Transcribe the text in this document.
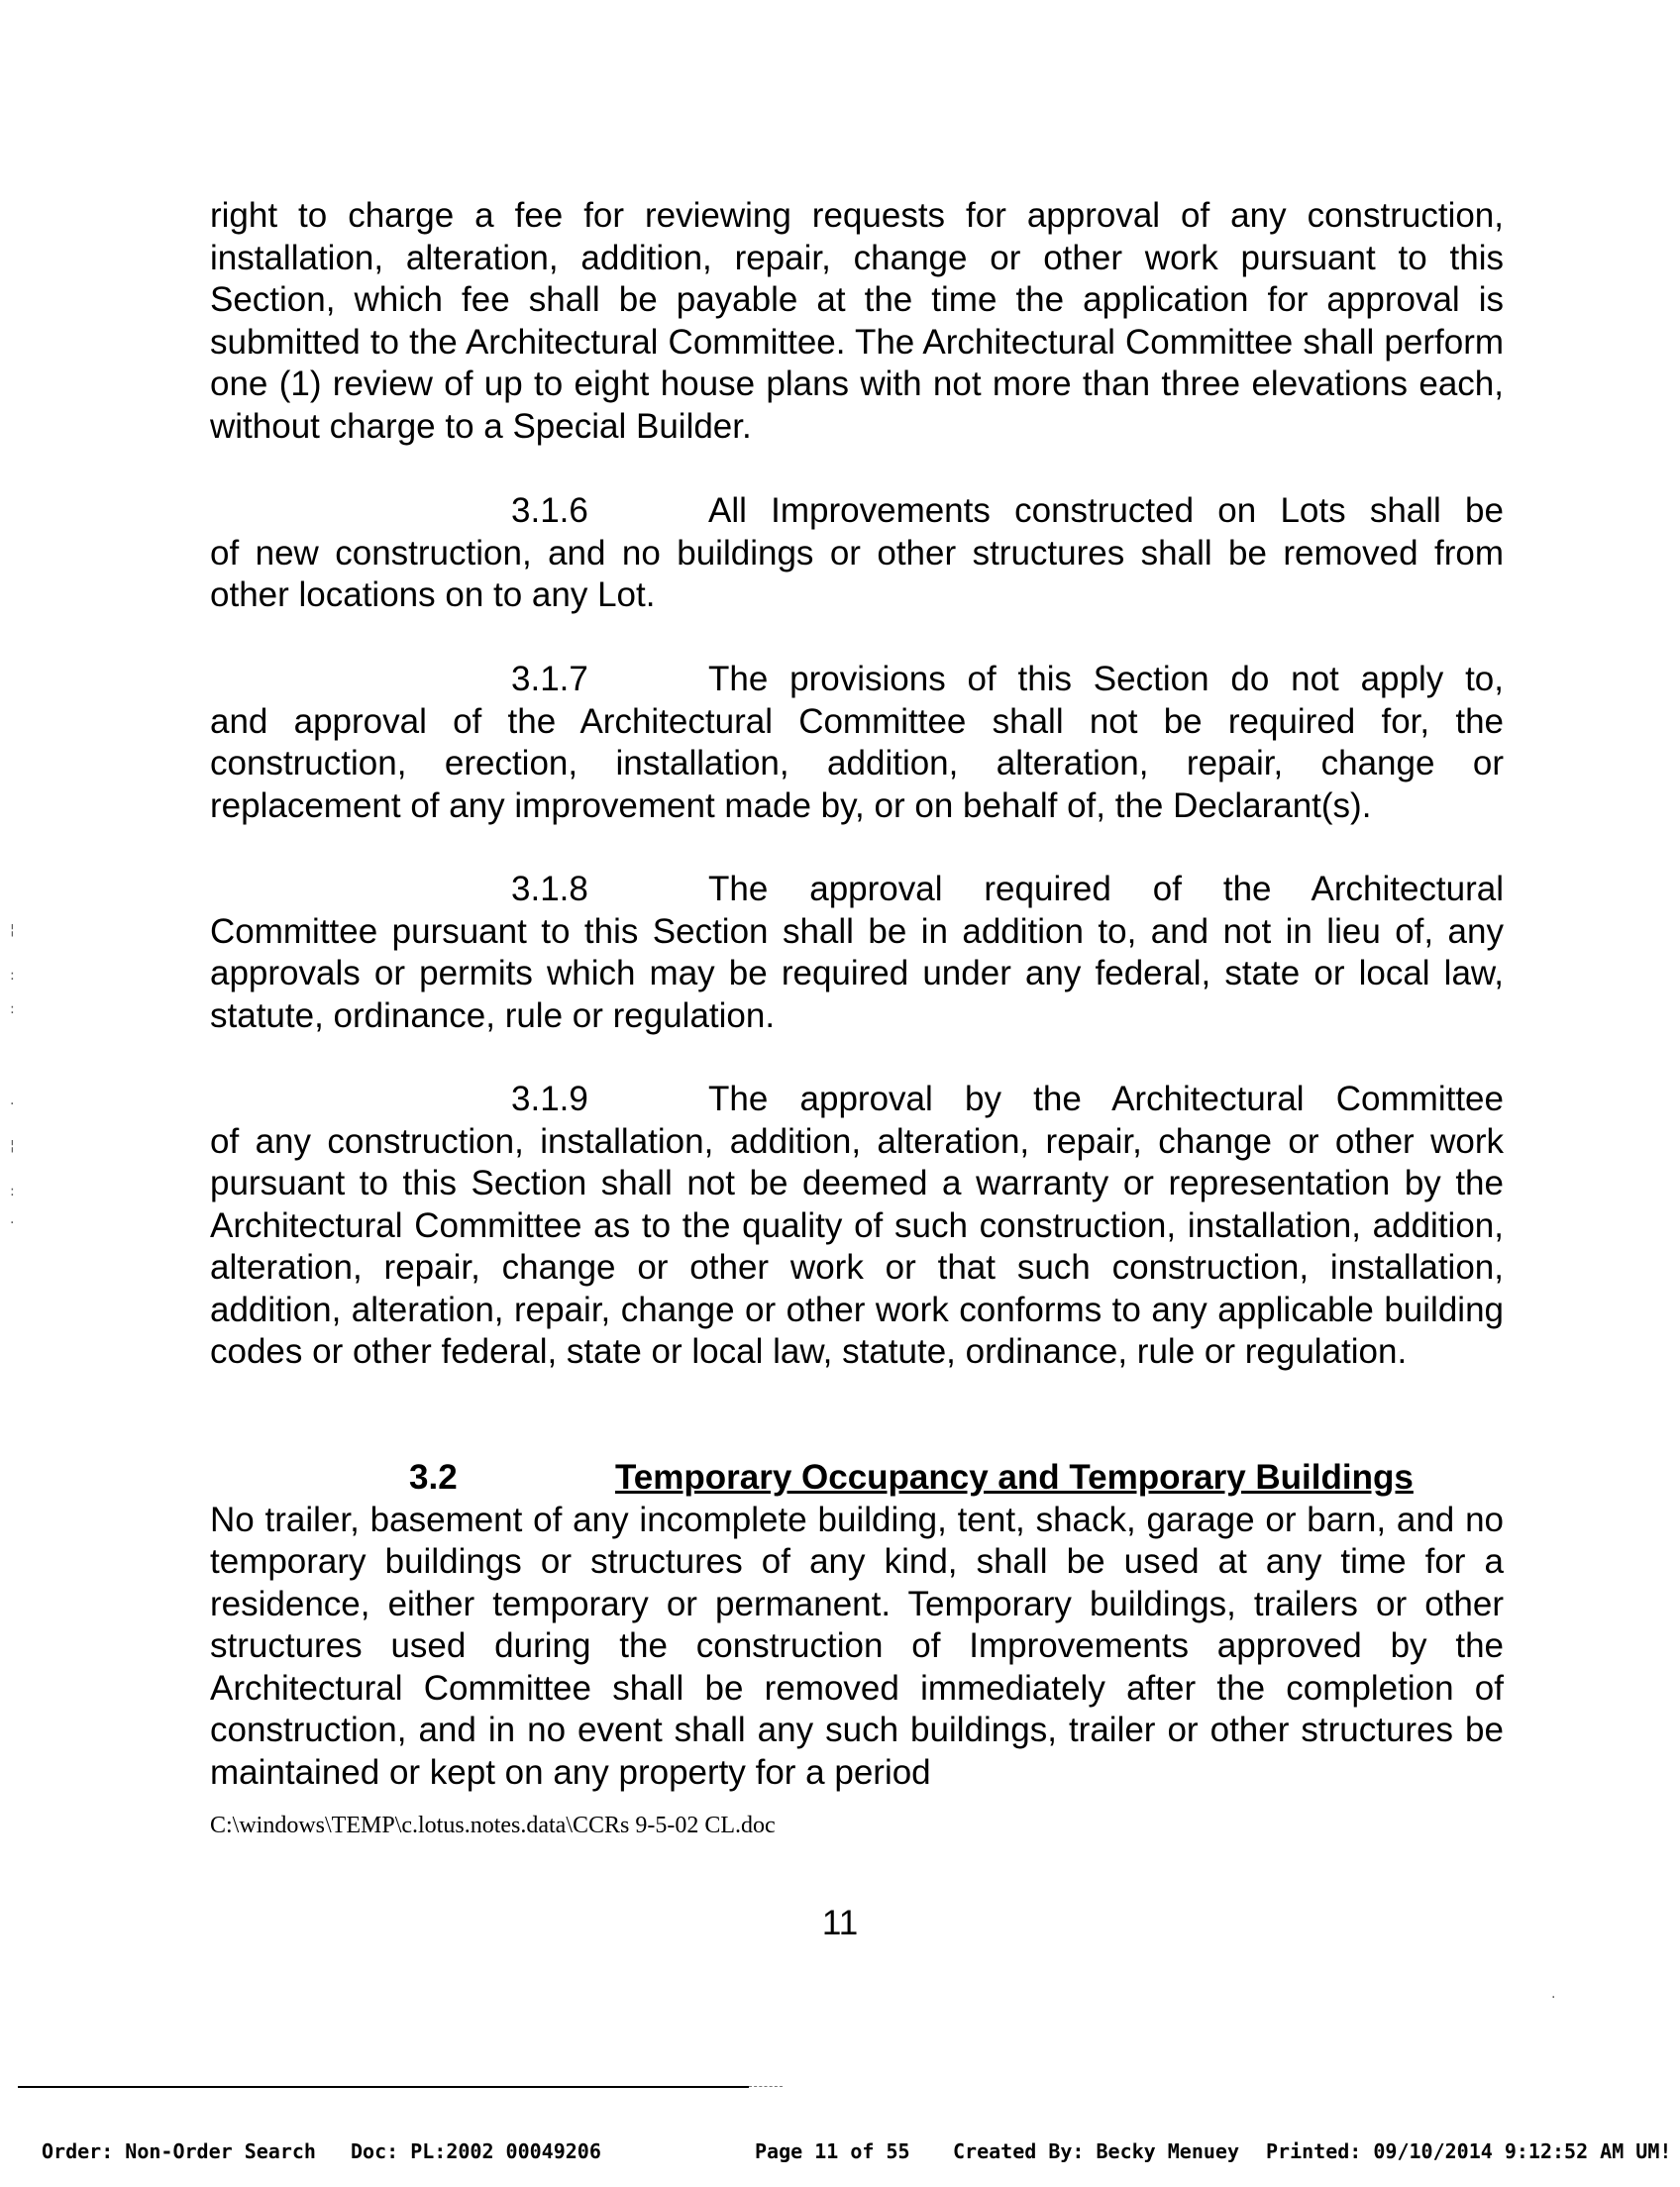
right to charge a fee for reviewing requests for approval of any construction, installation, alteration, addition, repair, change or other work pursuant to this Section, which fee shall be payable at the time the application for approval is submitted to the Architectural Committee. The Architectural Committee shall perform one (1) review of up to eight house plans with not more than three elevations each, without charge to a Special Builder.

3.1.6	All Improvements constructed on Lots shall be
of new construction, and no buildings or other structures shall be removed from other locations on to any Lot.
3.1.7	The provisions of this Section do not apply to,
and approval of the Architectural Committee shall not be required for, the construction, erection, installation, addition, alteration, repair, change or replacement of any improvement made by, or on behalf of, the Declarant(s).
3.1.8	The approval required of the Architectural
Committee pursuant to this Section shall be in addition to, and not in lieu of, any approvals or permits which may be required under any federal, state or local law, statute, ordinance, rule or regulation.
3.1.9	The approval by the Architectural Committee
of any construction, installation, addition, alteration, repair, change or other work pursuant to this Section shall not be deemed a warranty or representation by the Architectural Committee as to the quality of such construction, installation, addition, alteration, repair, change or other work or that such construction, installation, addition, alteration, repair, change or other work conforms to any applicable building codes or other federal, state or local law, statute, ordinance, rule or regulation.
3.2	Temporary Occupancy and Temporary Buildings
No trailer, basement of any incomplete building, tent, shack, garage or barn, and no temporary buildings or structures of any kind, shall be used at any time for a residence, either temporary or permanent. Temporary buildings, trailers or other structures used during the construction of Improvements approved by the Architectural Committee shall be removed immediately after the completion of construction, and in no event shall any such buildings, trailer or other structures be maintained or kept on any property for a period
C:\windows\TEMP\c.lotus.notes.data\CCRs 9-5-02 CL.doc
11
¦
:
:
·
¦
:
·
·
Order: Non-Order Search Doc: PL:2002 00049206	Page 11 of 55 Created By: Becky Menuey Printed: 09/10/2014 9:12:52 AM UM!
